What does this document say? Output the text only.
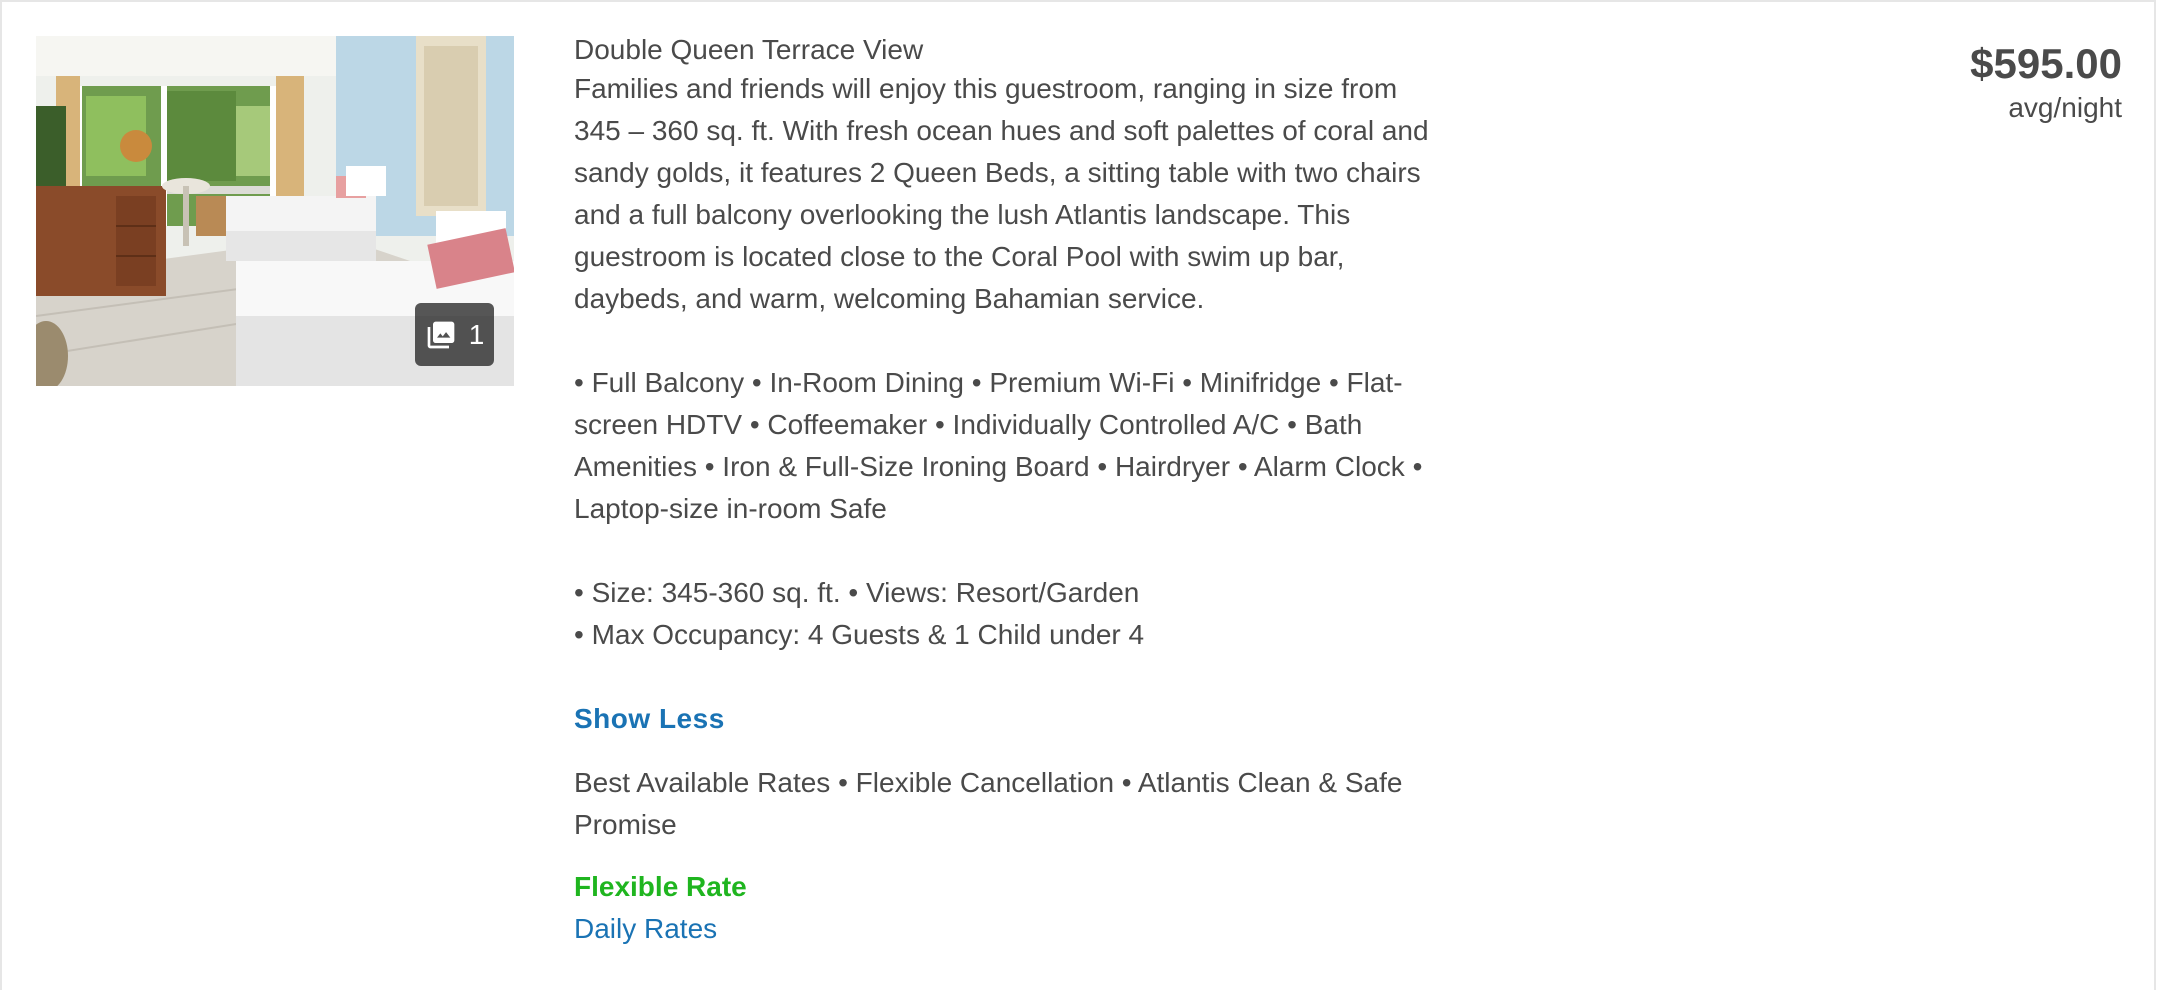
1
Double Queen Terrace View

Families and friends will enjoy this guestroom, ranging in size from 345 – 360 sq. ft. With fresh ocean hues and soft palettes of coral and sandy golds, it features 2 Queen Beds, a sitting table with two chairs and a full balcony overlooking the lush Atlantis landscape. This guestroom is located close to the Coral Pool with swim up bar, daybeds, and warm, welcoming Bahamian service.

• Full Balcony • In-Room Dining • Premium Wi-Fi • Minifridge • Flat-screen HDTV • Coffeemaker • Individually Controlled A/C • Bath Amenities • Iron & Full-Size Ironing Board • Hairdryer • Alarm Clock • Laptop-size in-room Safe

• Size: 345-360 sq. ft. • Views: Resort/Garden

• Max Occupancy: 4 Guests & 1 Child under 4

Show Less

Best Available Rates • Flexible Cancellation • Atlantis Clean & Safe Promise

Flexible Rate
Daily Rates
$595.00
avg/night
